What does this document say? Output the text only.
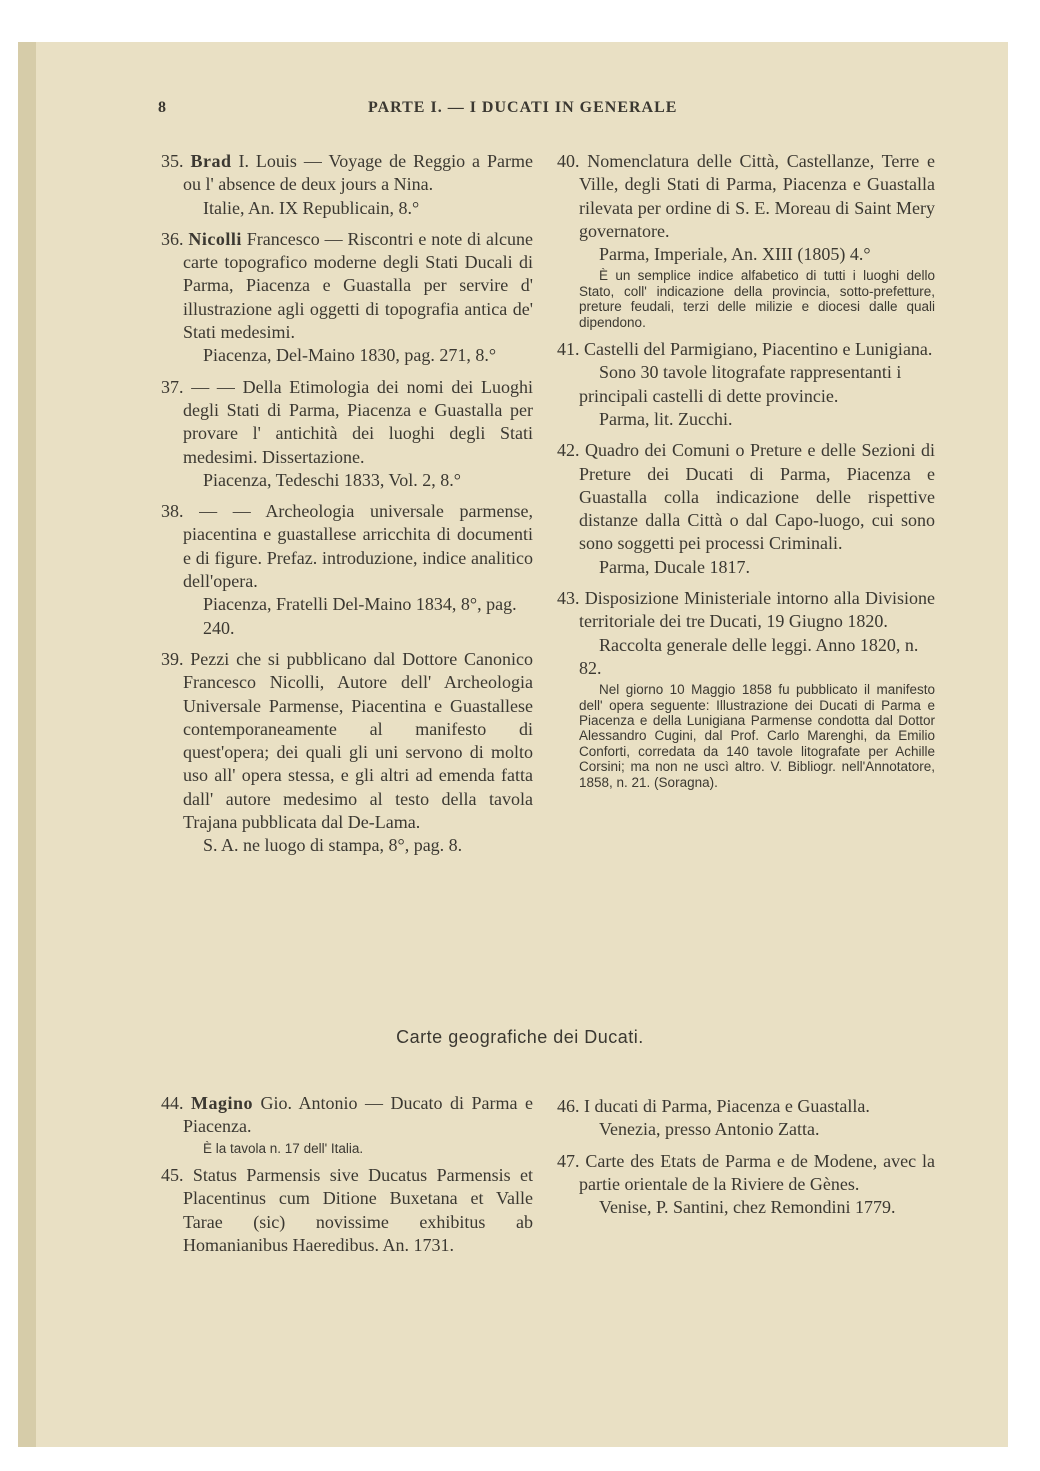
8	PARTE I. — I DUCATI IN GENERALE

35. Brad I. Louis — Voyage de Reggio a Parme ou l' absence de deux jours a Nina.

Italie, An. IX Republicain, 8.°

36. Nicolli Francesco — Riscontri e note di alcune carte topografico moderne degli Stati Ducali di Parma, Piacenza e Guastalla per servire d' illustrazione agli oggetti di topografia antica de' Stati medesimi.

Piacenza, Del-Maino 1830, pag. 271, 8.°

37. — — Della Etimologia dei nomi dei Luoghi degli Stati di Parma, Piacenza e Guastalla per provare l' antichità dei luoghi degli Stati medesimi. Dissertazione.

Piacenza, Tedeschi 1833, Vol. 2, 8.°

38. — — Archeologia universale parmense, piacentina e guastallese arricchita di documenti e di figure. Prefaz. introduzione, indice analitico dell'opera.

Piacenza, Fratelli Del-Maino 1834, 8°, pag. 240.

39. Pezzi che si pubblicano dal Dottore Canonico Francesco Nicolli, Autore dell' Archeologia Universale Parmense, Piacentina e Guastallese contemporaneamente al manifesto di quest'opera; dei quali gli uni servono di molto uso all' opera stessa, e gli altri ad emenda fatta dall' autore medesimo al testo della tavola Trajana pubblicata dal De-Lama.

S. A. ne luogo di stampa, 8°, pag. 8.

40. Nomenclatura delle Città, Castellanze, Terre e Ville, degli Stati di Parma, Piacenza e Guastalla rilevata per ordine di S. E. Moreau di Saint Mery governatore.

Parma, Imperiale, An. XIII (1805) 4.°

È un semplice indice alfabetico di tutti i luoghi dello Stato, coll' indicazione della provincia, sotto-prefetture, preture feudali, terzi delle milizie e diocesi dalle quali dipendono.

41. Castelli del Parmigiano, Piacentino e Lunigiana.

Sono 30 tavole litografate rappresentanti i principali castelli di dette provincie.

Parma, lit. Zucchi.

42. Quadro dei Comuni o Preture e delle Sezioni di Preture dei Ducati di Parma, Piacenza e Guastalla colla indicazione delle rispettive distanze dalla Città o dal Capo-luogo, cui sono sono soggetti pei processi Criminali.

Parma, Ducale 1817.

43. Disposizione Ministeriale intorno alla Divisione territoriale dei tre Ducati, 19 Giugno 1820.

Raccolta generale delle leggi. Anno 1820, n. 82.

Nel giorno 10 Maggio 1858 fu pubblicato il manifesto dell' opera seguente: Illustrazione dei Ducati di Parma e Piacenza e della Lunigiana Parmense condotta dal Dottor Alessandro Cugini, dal Prof. Carlo Marenghi, da Emilio Conforti, corredata da 140 tavole litografate per Achille Corsini; ma non ne uscì altro. V. Bibliogr. nell'Annotatore, 1858, n. 21. (Soragna).

Carte geografiche dei Ducati.

44. Magino Gio. Antonio — Ducato di Parma e Piacenza.

È la tavola n. 17 dell' Italia.

45. Status Parmensis sive Ducatus Parmensis et Placentinus cum Ditione Buxetana et Valle Tarae (sic) novissime exhibitus ab Homanianibus Haeredibus. An. 1731.

46. I ducati di Parma, Piacenza e Guastalla.

Venezia, presso Antonio Zatta.

47. Carte des Etats de Parma e de Modene, avec la partie orientale de la Riviere de Gènes.

Venise, P. Santini, chez Remondini 1779.
